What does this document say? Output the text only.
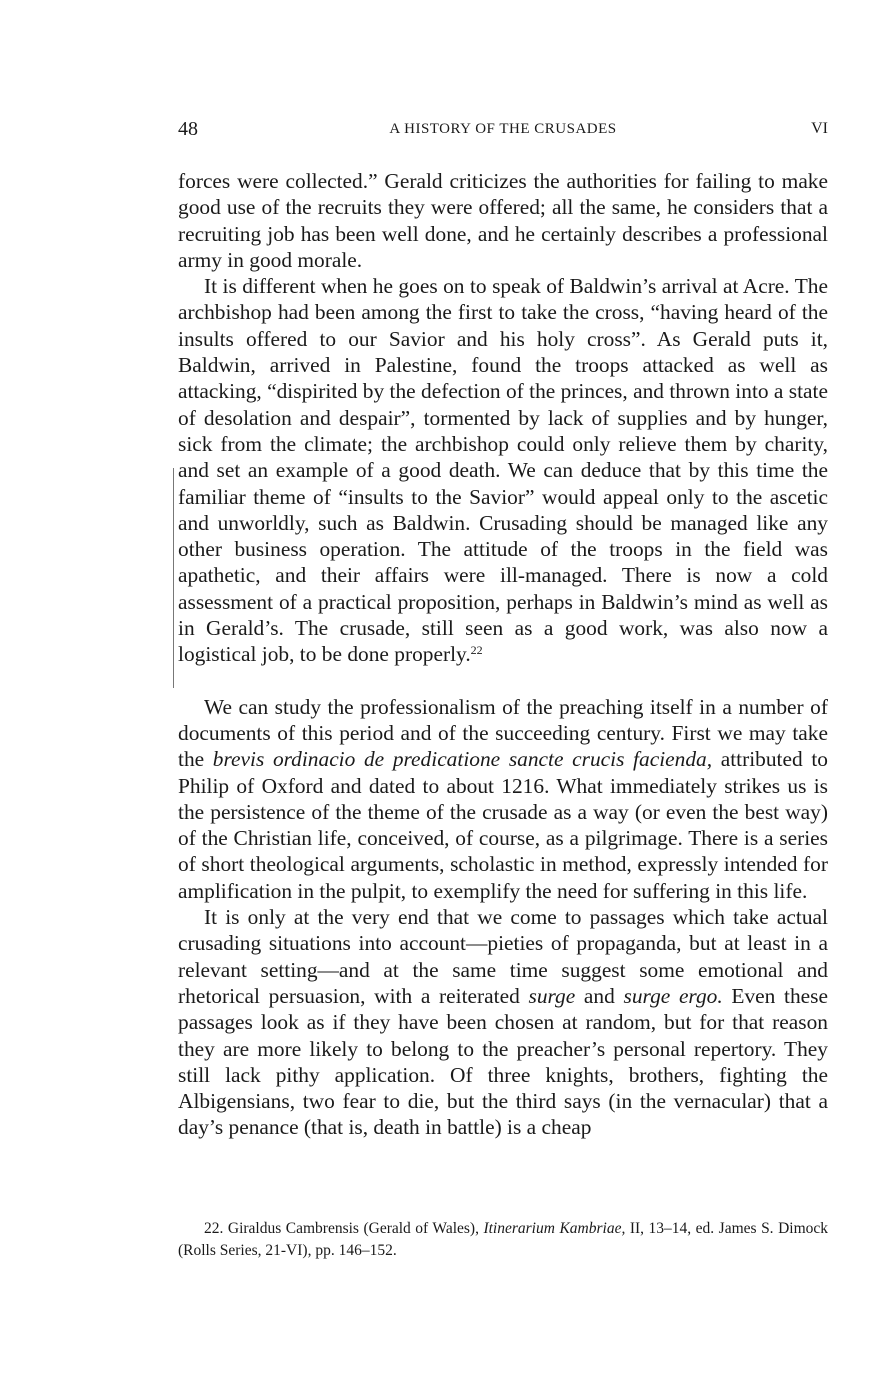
48	A HISTORY OF THE CRUSADES	VI

forces were collected.” Gerald criticizes the authorities for failing to make good use of the recruits they were offered; all the same, he considers that a recruiting job has been well done, and he certainly describes a professional army in good morale.

It is different when he goes on to speak of Baldwin’s arrival at Acre. The archbishop had been among the first to take the cross, “having heard of the insults offered to our Savior and his holy cross”. As Gerald puts it, Baldwin, arrived in Palestine, found the troops attacked as well as attacking, “dispirited by the defection of the princes, and thrown into a state of desolation and despair”, tormented by lack of supplies and by hunger, sick from the climate; the archbishop could only relieve them by charity, and set an example of a good death. We can deduce that by this time the familiar theme of “insults to the Savior” would appeal only to the ascetic and unworldly, such as Baldwin. Crusading should be managed like any other business operation. The attitude of the troops in the field was apathetic, and their affairs were ill-managed. There is now a cold assessment of a practical proposition, perhaps in Baldwin’s mind as well as in Gerald’s. The crusade, still seen as a good work, was also now a logistical job, to be done properly.$^{22}$

We can study the professionalism of the preaching itself in a number of documents of this period and of the succeeding century. First we may take the brevis ordinacio de predicatione sancte crucis facienda, attributed to Philip of Oxford and dated to about 1216. What immediately strikes us is the persistence of the theme of the crusade as a way (or even the best way) of the Christian life, conceived, of course, as a pilgrimage. There is a series of short theological arguments, scholastic in method, expressly intended for amplification in the pulpit, to exemplify the need for suffering in this life.

It is only at the very end that we come to passages which take actual crusading situations into account—pieties of propaganda, but at least in a relevant setting—and at the same time suggest some emotional and rhetorical persuasion, with a reiterated surge and surge ergo. Even these passages look as if they have been chosen at random, but for that reason they are more likely to belong to the preacher’s personal repertory. They still lack pithy application. Of three knights, brothers, fighting the Albigensians, two fear to die, but the third says (in the vernacular) that a day’s penance (that is, death in battle) is a cheap

22. Giraldus Cambrensis (Gerald of Wales), Itinerarium Kambriae, II, 13–14, ed. James S. Dimock (Rolls Series, 21-VI), pp. 146–152.
